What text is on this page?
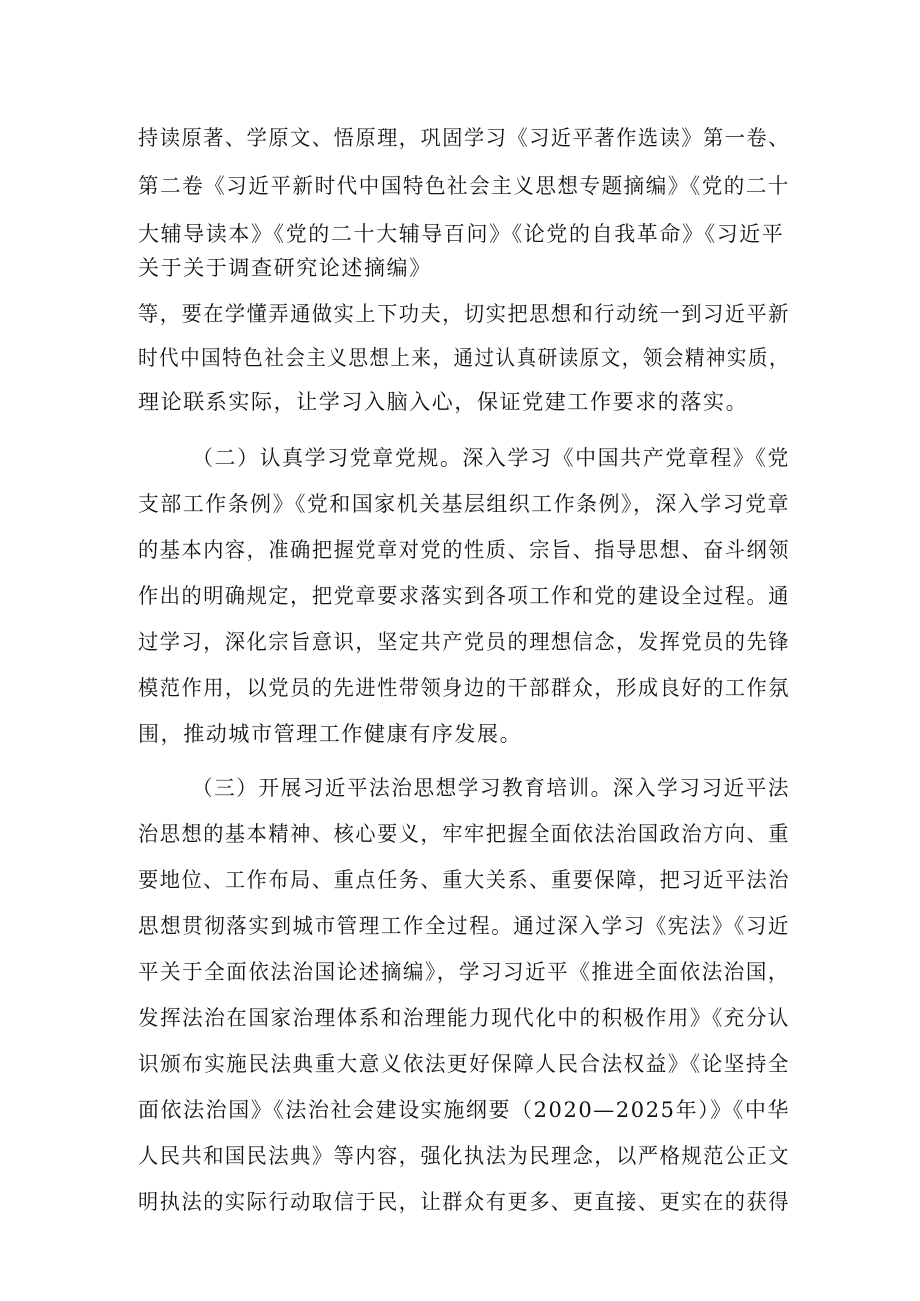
持读原著、学原文、悟原理，巩固学习《习近平著作选读》第一卷、
第二卷《习近平新时代中国特色社会主义思想专题摘编》《党的二十
大辅导读本》《党的二十大辅导百问》《论党的自我革命》《习近平
关于关于调查研究论述摘编》
等，要在学懂弄通做实上下功夫，切实把思想和行动统一到习近平新
时代中国特色社会主义思想上来，通过认真研读原文，领会精神实质，
理论联系实际，让学习入脑入心，保证党建工作要求的落实。
（二）认真学习党章党规。深入学习《中国共产党章程》《党
支部工作条例》《党和国家机关基层组织工作条例》，深入学习党章
的基本内容，准确把握党章对党的性质、宗旨、指导思想、奋斗纲领
作出的明确规定，把党章要求落实到各项工作和党的建设全过程。通
过学习，深化宗旨意识，坚定共产党员的理想信念，发挥党员的先锋
模范作用，以党员的先进性带领身边的干部群众，形成良好的工作氛
围，推动城市管理工作健康有序发展。
（三）开展习近平法治思想学习教育培训。深入学习习近平法
治思想的基本精神、核心要义，牢牢把握全面依法治国政治方向、重
要地位、工作布局、重点任务、重大关系、重要保障，把习近平法治
思想贯彻落实到城市管理工作全过程。通过深入学习《宪法》《习近
平关于全面依法治国论述摘编》，学习习近平《推进全面依法治国，
发挥法治在国家治理体系和治理能力现代化中的积极作用》《充分认
识颁布实施民法典重大意义依法更好保障人民合法权益》《论坚持全
面依法治国》《法治社会建设实施纲要（2020—2025年）》《中华
人民共和国民法典》等内容，强化执法为民理念，以严格规范公正文
明执法的实际行动取信于民，让群众有更多、更直接、更实在的获得
